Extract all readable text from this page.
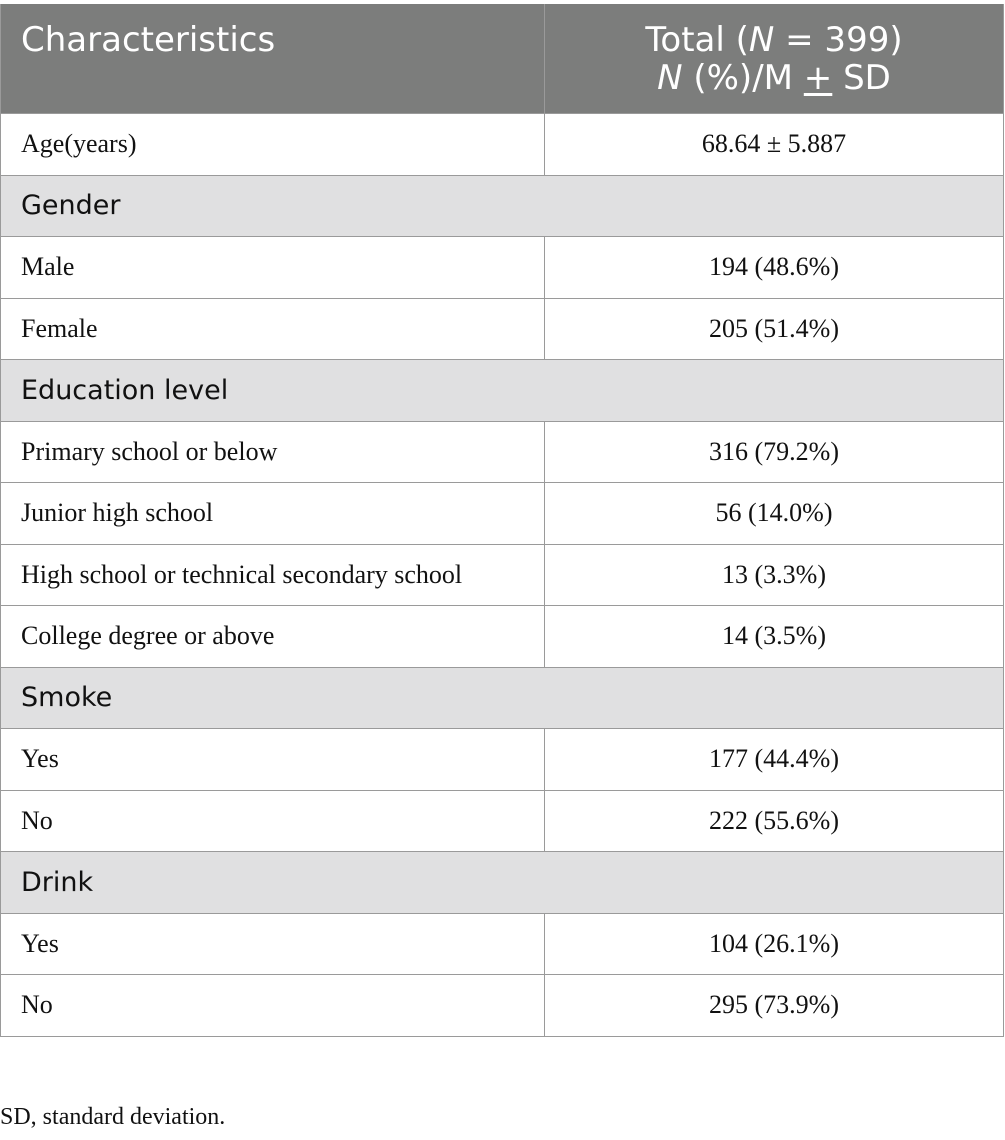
Characteristics	Total (N = 399)
N (%)/M + SD
Age(years)	68.64 ± 5.887
Gender
Male	194 (48.6%)
Female	205 (51.4%)
Education level
Primary school or below	316 (79.2%)
Junior high school	56 (14.0%)
High school or technical secondary school	13 (3.3%)
College degree or above	14 (3.5%)
Smoke
Yes	177 (44.4%)
No	222 (55.6%)
Drink
Yes	104 (26.1%)
No	295 (73.9%)
SD, standard deviation.
